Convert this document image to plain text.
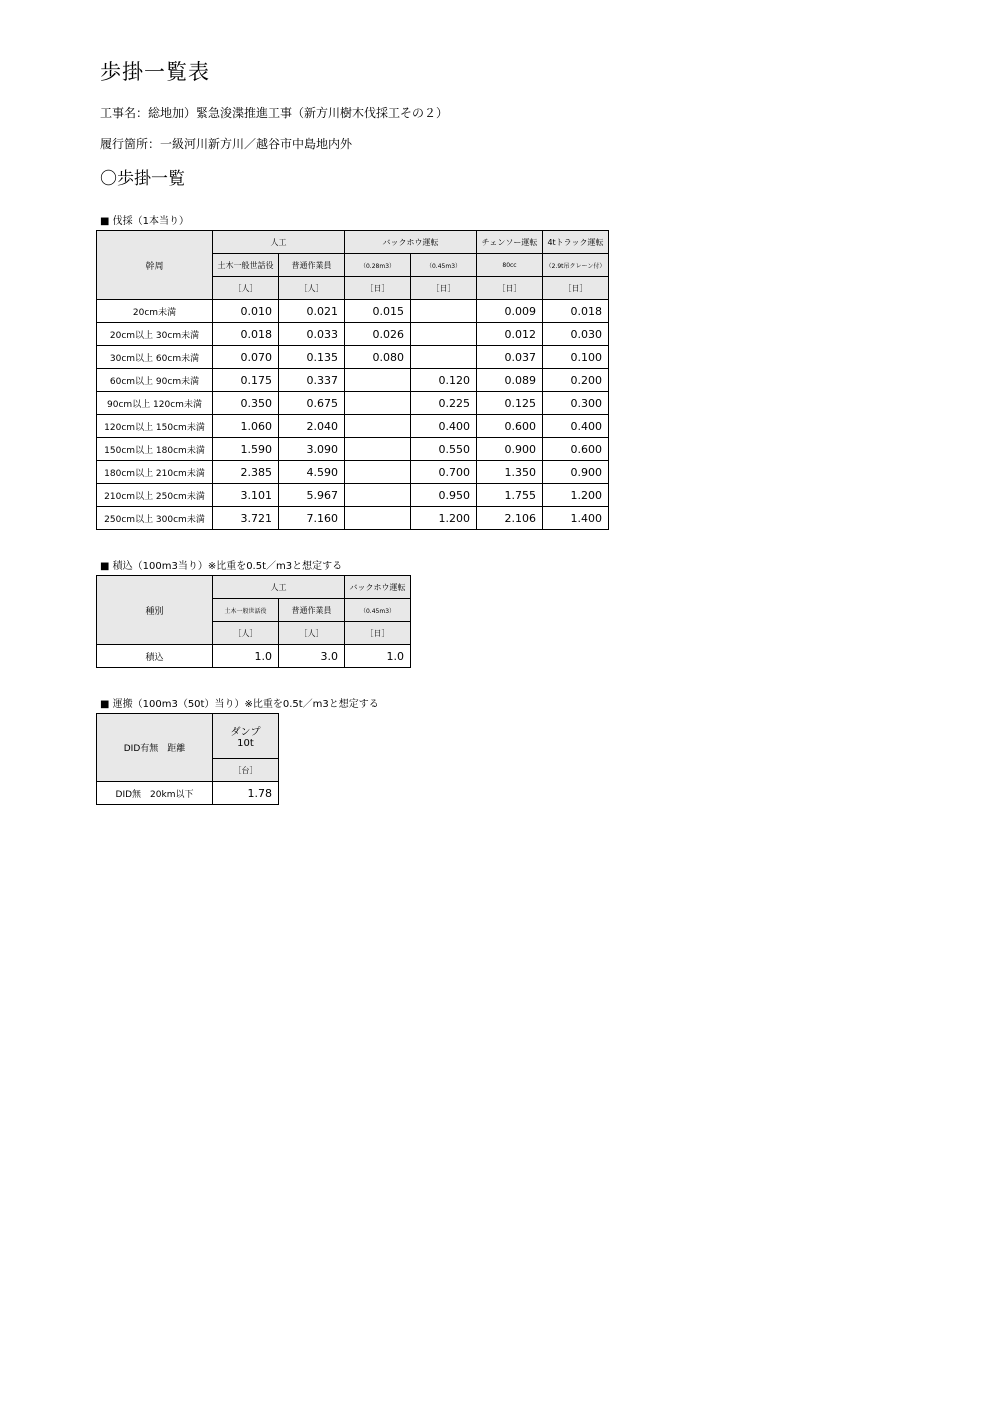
歩掛一覧表
工事名：総地加）緊急浚渫推進工事（新方川樹木伐採工その２）
履行箇所：一級河川新方川／越谷市中島地内外
〇歩掛一覧
■ 伐採（1本当り）
幹周	人工		バックホウ運転		チェンソー運転	4tトラック運転
	土木一般世話役	普通作業員	（0.28m3）	（0.45m3）	80cc	（2.9t吊クレーン付）
	［人］	［人］	［日］	［日］	［日］	［日］
20cm未満	0.010	0.021	0.015		0.009	0.018
20cm以上 30cm未満	0.018	0.033	0.026		0.012	0.030
30cm以上 60cm未満	0.070	0.135	0.080		0.037	0.100
60cm以上 90cm未満	0.175	0.337		0.120	0.089	0.200
90cm以上 120cm未満	0.350	0.675		0.225	0.125	0.300
120cm以上 150cm未満	1.060	2.040		0.400	0.600	0.400
150cm以上 180cm未満	1.590	3.090		0.550	0.900	0.600
180cm以上 210cm未満	2.385	4.590		0.700	1.350	0.900
210cm以上 250cm未満	3.101	5.967		0.950	1.755	1.200
250cm以上 300cm未満	3.721	7.160		1.200	2.106	1.400
■ 積込（100m3当り）※比重を0.5t／m3と想定する
種別	人工		バックホウ運転
	土木一般世話役	普通作業員	（0.45m3）
	［人］	［人］	［日］
積込	1.0	3.0	1.0
■ 運搬（100m3（50t）当り）※比重を0.5t／m3と想定する
DID有無　距離	ダンプ
10t

	［台］
DID無　20km以下	1.78
